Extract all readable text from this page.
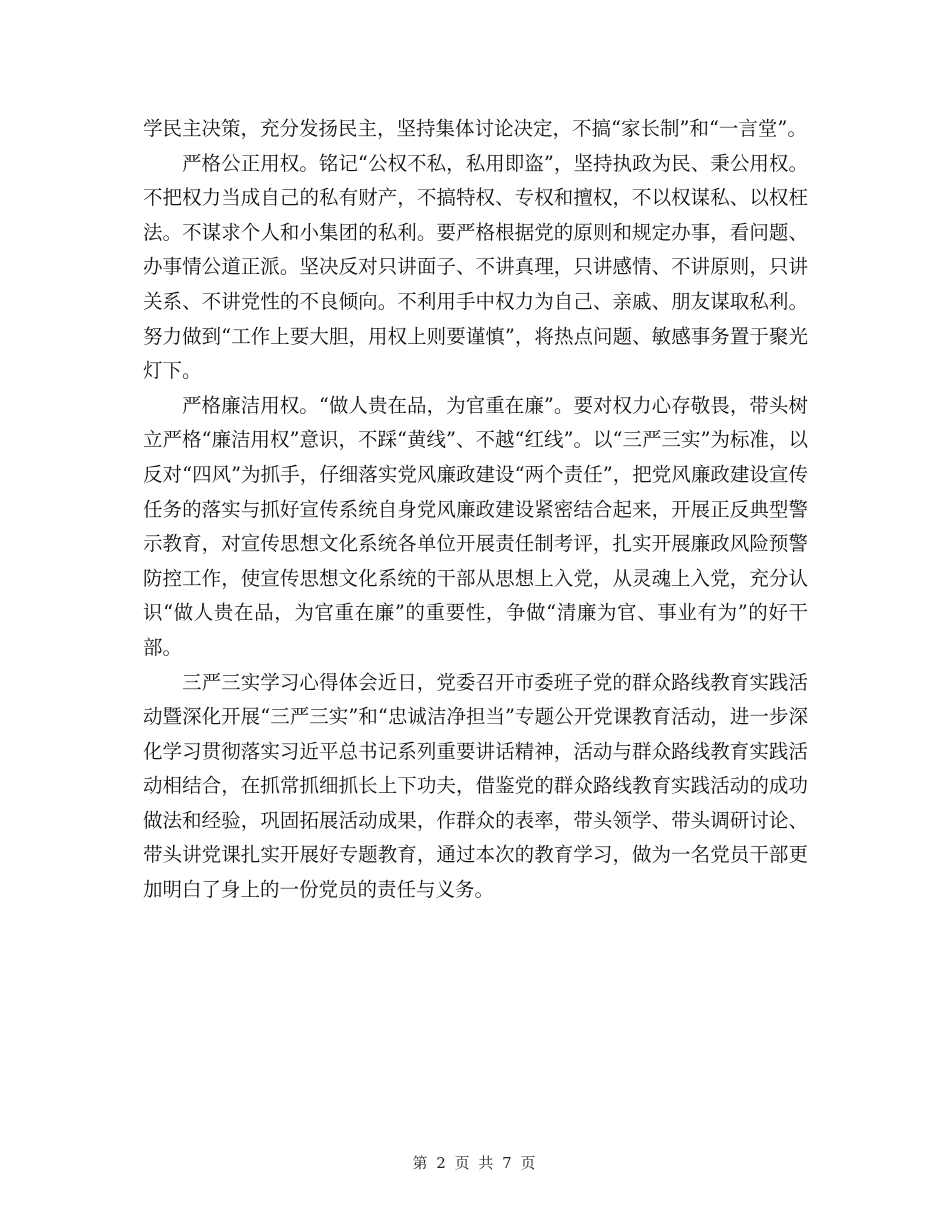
学民主决策，充分发扬民主，坚持集体讨论决定，不搞“家长制”和“一言堂”。

严格公正用权。铭记“公权不私，私用即盗”，坚持执政为民、秉公用权。不把权力当成自己的私有财产，不搞特权、专权和擅权，不以权谋私、以权枉法。不谋求个人和小集团的私利。要严格根据党的原则和规定办事，看问题、办事情公道正派。坚决反对只讲面子、不讲真理，只讲感情、不讲原则，只讲关系、不讲党性的不良倾向。不利用手中权力为自己、亲戚、朋友谋取私利。努力做到“工作上要大胆，用权上则要谨慎”，将热点问题、敏感事务置于聚光灯下。

严格廉洁用权。“做人贵在品，为官重在廉”。要对权力心存敬畏，带头树立严格“廉洁用权”意识，不踩“黄线”、不越“红线”。以“三严三实”为标准，以反对“四风”为抓手，仔细落实党风廉政建设“两个责任”，把党风廉政建设宣传任务的落实与抓好宣传系统自身党风廉政建设紧密结合起来，开展正反典型警示教育，对宣传思想文化系统各单位开展责任制考评，扎实开展廉政风险预警防控工作，使宣传思想文化系统的干部从思想上入党，从灵魂上入党，充分认识“做人贵在品，为官重在廉”的重要性，争做“清廉为官、事业有为”的好干部。

三严三实学习心得体会近日，党委召开市委班子党的群众路线教育实践活动暨深化开展“三严三实”和“忠诚洁净担当”专题公开党课教育活动，进一步深化学习贯彻落实习近平总书记系列重要讲话精神，活动与群众路线教育实践活动相结合，在抓常抓细抓长上下功夫，借鉴党的群众路线教育实践活动的成功做法和经验，巩固拓展活动成果，作群众的表率，带头领学、带头调研讨论、带头讲党课扎实开展好专题教育，通过本次的教育学习，做为一名党员干部更加明白了身上的一份党员的责任与义务。

第 2 页 共 7 页
